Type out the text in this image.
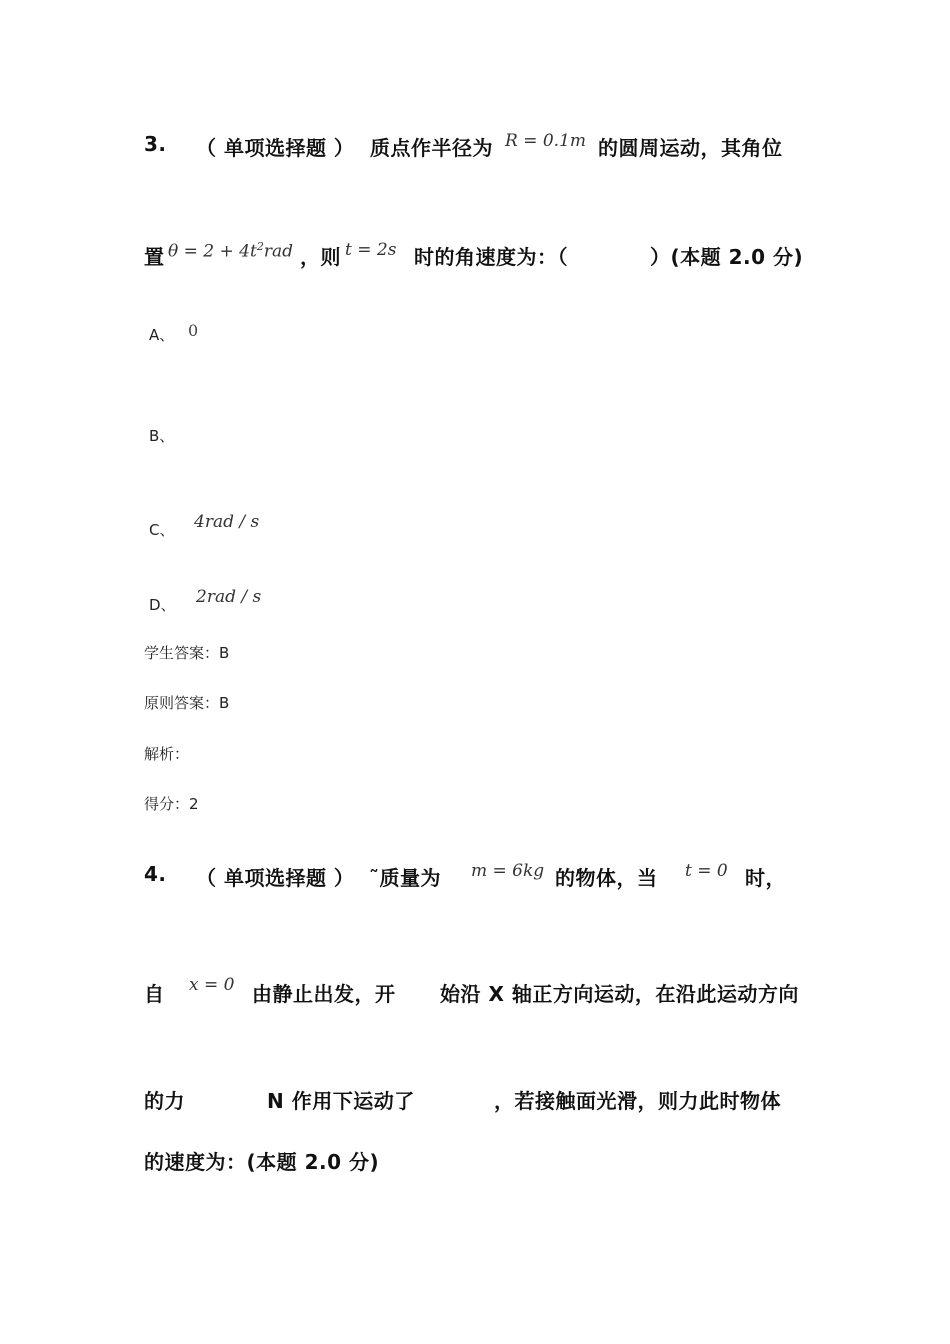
3. （ 单项选择题 ） 质点作半径为 R = 0.1m 的圆周运动，其角位
置 $\theta = 2 + 4t^2rad$ ，则 t = 2s 时的角速度为：（　　　　）(本题 2.0 分)
A、 0
B、
C、 4rad / s
D、 2rad / s
学生答案：B
原则答案：B
解析：
得分：2
4. （ 单项选择题 ） ˜质量为 m = 6kg 的物体，当 t = 0 时，
自 x = 0 由静止出发，开 始沿 X 轴正方向运动，在沿此运动方向
的力	N 作用下运动了	，若接触面光滑，则力此时物体
的速度为：(本题 2.0 分)
